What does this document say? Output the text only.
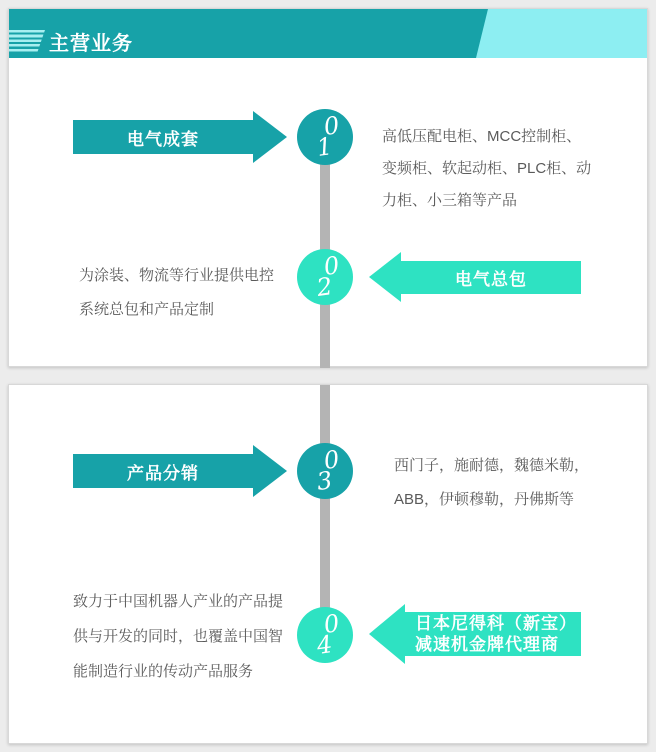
主营业务
电气成套	0
1	高低压配电柜、MCC控制柜、
变频柜、软起动柜、PLC柜、动
力柜、小三箱等产品
为涂装、物流等行业提供电控
系统总包和产品定制
0
2	电气总包
产品分销	0
3
西门子，施耐德，魏德米勒，
ABB，伊顿穆勒，丹佛斯等
致力于中国机器人产业的产品提
供与开发的同时，也覆盖中国智
能制造行业的传动产品服务
0
4
日本尼得科（新宝）
减速机金牌代理商
